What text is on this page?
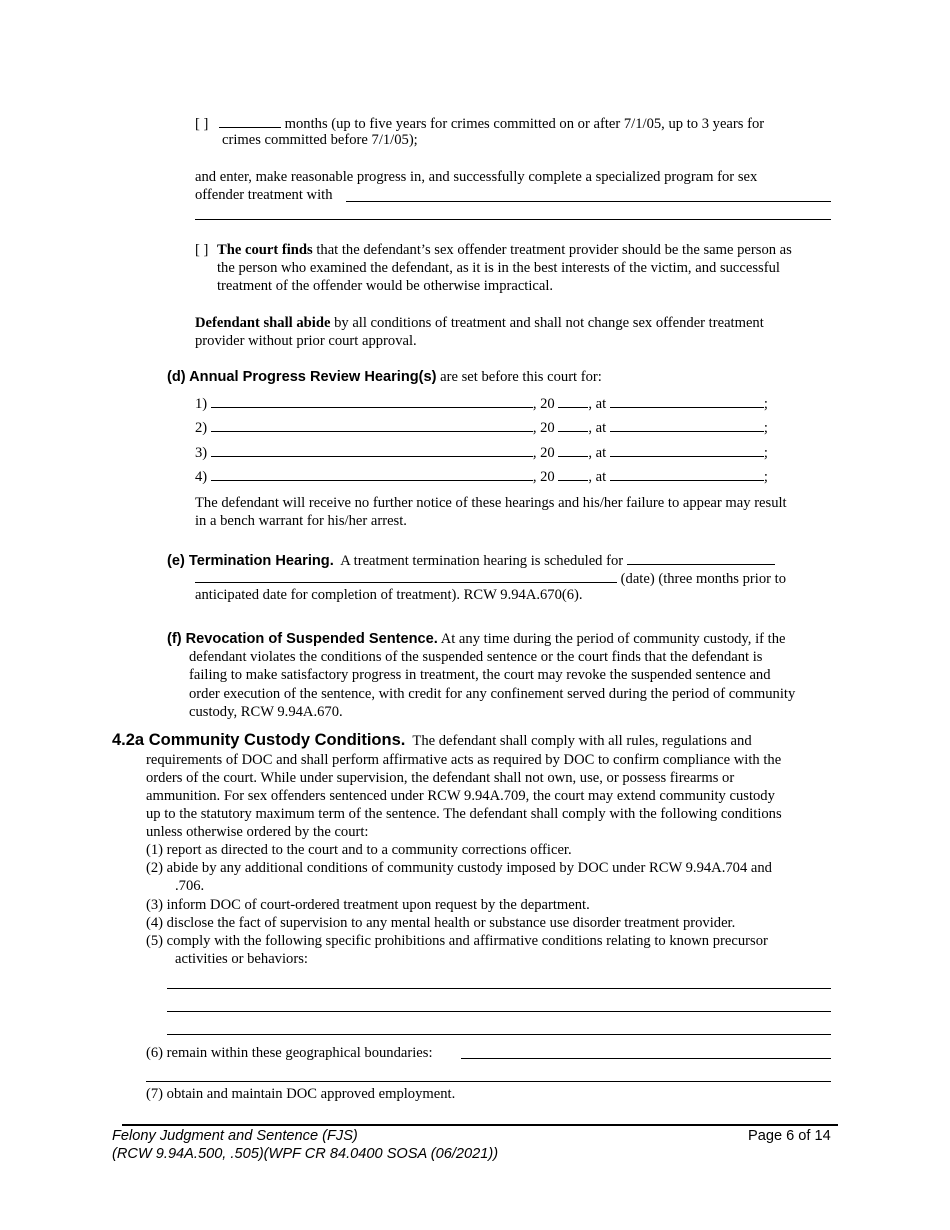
[ ]	months (up to five years for crimes committed on or after 7/1/05, up to 3 years for
crimes committed before 7/1/05);
and enter, make reasonable progress in, and successfully complete a specialized program for sex
offender treatment with
[ ] The court finds that the defendant’s sex offender treatment provider should be the same person as
the person who examined the defendant, as it is in the best interests of the victim, and successful
treatment of the offender would be otherwise impractical.
Defendant shall abide by all conditions of treatment and shall not change sex offender treatment
provider without prior court approval.
(d) Annual Progress Review Hearing(s) are set before this court for:
1)	, 20 , at	;
2)	, 20 , at	;
3)	, 20 , at	;
4)	, 20 , at	;
The defendant will receive no further notice of these hearings and his/her failure to appear may result
in a bench warrant for his/her arrest.
(e) Termination Hearing. A treatment termination hearing is scheduled for
(date) (three months prior to
anticipated date for completion of treatment). RCW 9.94A.670(6).
(f) Revocation of Suspended Sentence. At any time during the period of community custody, if the
defendant violates the conditions of the suspended sentence or the court finds that the defendant is
failing to make satisfactory progress in treatment, the court may revoke the suspended sentence and
order execution of the sentence, with credit for any confinement served during the period of community
custody, RCW 9.94A.670.
4.2a Community Custody Conditions. The defendant shall comply with all rules, regulations and
requirements of DOC and shall perform affirmative acts as required by DOC to confirm compliance with the
orders of the court. While under supervision, the defendant shall not own, use, or possess firearms or
ammunition. For sex offenders sentenced under RCW 9.94A.709, the court may extend community custody
up to the statutory maximum term of the sentence. The defendant shall comply with the following conditions
unless otherwise ordered by the court:
(1) report as directed to the court and to a community corrections officer.
(2) abide by any additional conditions of community custody imposed by DOC under RCW 9.94A.704 and
.706.
(3) inform DOC of court-ordered treatment upon request by the department.
(4) disclose the fact of supervision to any mental health or substance use disorder treatment provider.
(5) comply with the following specific prohibitions and affirmative conditions relating to known precursor
activities or behaviors:
(6) remain within these geographical boundaries:
(7) obtain and maintain DOC approved employment.
Felony Judgment and Sentence (FJS)
(RCW 9.94A.500, .505)(WPF CR 84.0400 SOSA (06/2021))
Page 6 of 14
